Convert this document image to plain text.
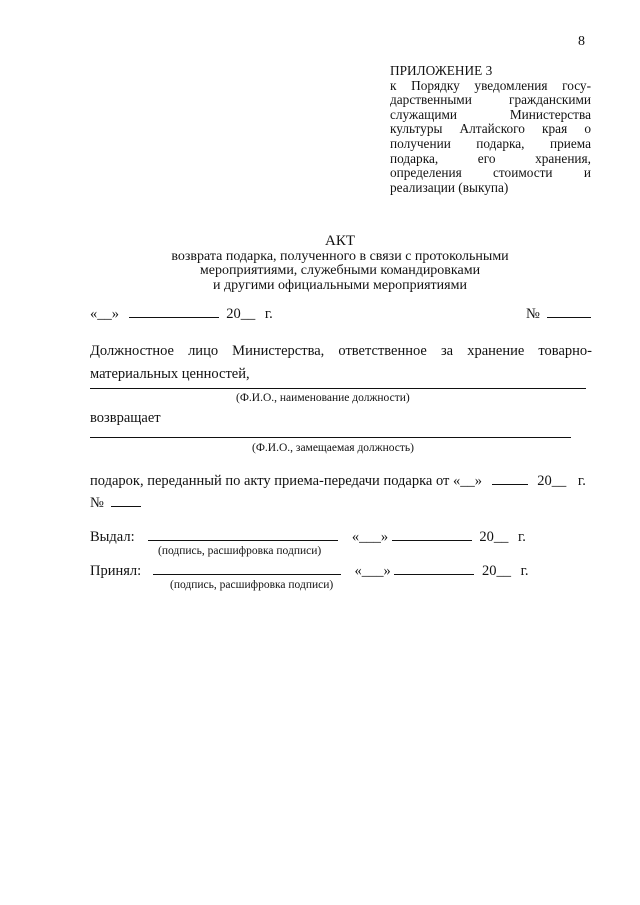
8
ПРИЛОЖЕНИЕ 3
к Порядку уведомления госу-
дарственными гражданскими
служащими Министерства
культуры Алтайского края о
получении подарка, приема
подарка, его хранения,
определения стоимости и
реализации (выкупа)
АКТ
возврата подарка, полученного в связи с протокольными
мероприятиями, служебными командировками
и другими официальными мероприятиями
«__»	20__ г.	№
Должностное лицо Министерства, ответственное за хранение товарно-
материальных ценностей,
(Ф.И.О., наименование должности)
возвращает
(Ф.И.О., замещаемая должность)
подарок, переданный по акту приема-передачи подарка от «__»	20__ г.
№
Выдал:	«___»	20__ г.
(подпись, расшифровка подписи)
Принял:	«___»	20__ г.
(подпись, расшифровка подписи)
